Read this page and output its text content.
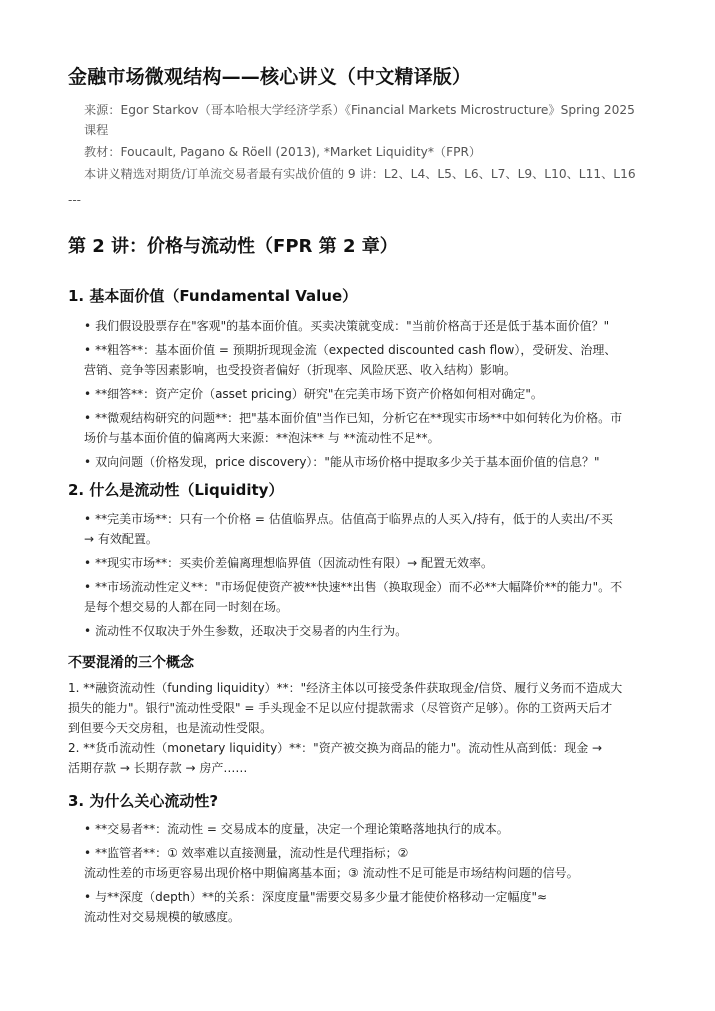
金融市场微观结构——核心讲义（中文精译版）

来源：Egor Starkov（哥本哈根大学经济学系）《Financial Markets Microstructure》Spring 2025 课程

教材：Foucault, Pagano & Röell (2013), *Market Liquidity*（FPR）

本讲义精选对期货/订单流交易者最有实战价值的 9 讲：L2、L4、L5、L6、L7、L9、L10、L11、L16

---

第 2 讲：价格与流动性（FPR 第 2 章）
1. 基本面价值（Fundamental Value）
• 我们假设股票存在"客观"的基本面价值。买卖决策就变成："当前价格高于还是低于基本面价值？"
• **粗答**：基本面价值 = 预期折现现金流（expected discounted cash flow），受研发、治理、
营销、竞争等因素影响，也受投资者偏好（折现率、风险厌恶、收入结构）影响。
• **细答**：资产定价（asset pricing）研究"在完美市场下资产价格如何相对确定"。
• **微观结构研究的问题**：把"基本面价值"当作已知，分析它在**现实市场**中如何转化为价格。市
场价与基本面价值的偏离两大来源：**泡沫** 与 **流动性不足**。
• 双向问题（价格发现，price discovery）："能从市场价格中提取多少关于基本面价值的信息？"
2. 什么是流动性（Liquidity）
• **完美市场**：只有一个价格 = 估值临界点。估值高于临界点的人买入/持有，低于的人卖出/不买
→ 有效配置。
• **现实市场**：买卖价差偏离理想临界值（因流动性有限）→ 配置无效率。
• **市场流动性定义**："市场促使资产被**快速**出售（换取现金）而不必**大幅降价**的能力"。不
是每个想交易的人都在同一时刻在场。
• 流动性不仅取决于外生参数，还取决于交易者的内生行为。
不要混淆的三个概念

1. **融资流动性（funding liquidity）**："经济主体以可接受条件获取现金/信贷、履行义务而不造成大
损失的能力"。银行"流动性受限" = 手头现金不足以应付提款需求（尽管资产足够）。你的工资两天后才
到但要今天交房租，也是流动性受限。

2. **货币流动性（monetary liquidity）**："资产被交换为商品的能力"。流动性从高到低：现金 →
活期存款 → 长期存款 → 房产……

3. 为什么关心流动性?
• **交易者**：流动性 = 交易成本的度量，决定一个理论策略落地执行的成本。
• **监管者**：① 效率难以直接测量，流动性是代理指标；②
流动性差的市场更容易出现价格中期偏离基本面；③ 流动性不足可能是市场结构问题的信号。
• 与**深度（depth）**的关系：深度度量"需要交易多少量才能使价格移动一定幅度"≈
流动性对交易规模的敏感度。
